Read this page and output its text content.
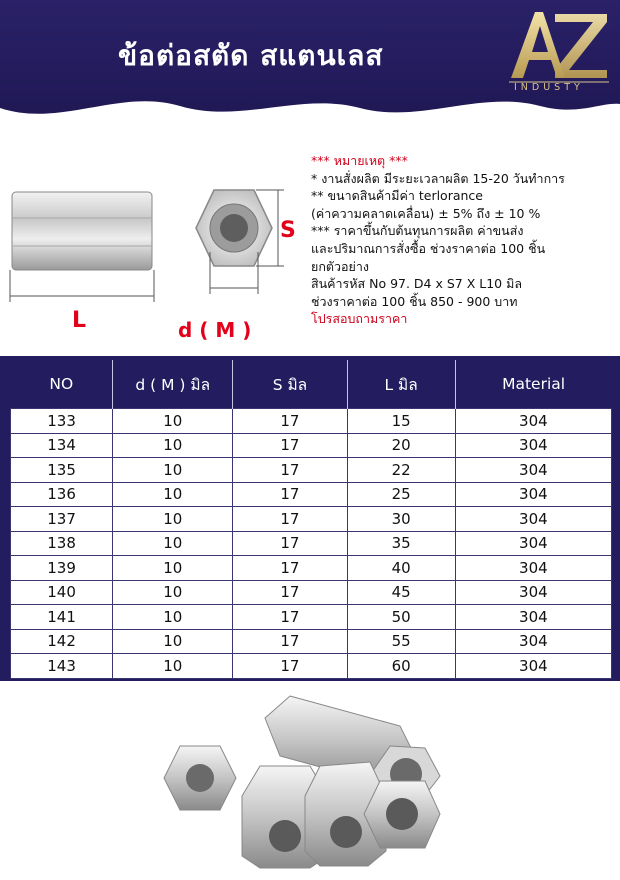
ข้อต่อสตัด สแตนเลส
INDUSTY
L
S
d ( M )
*** หมายเหตุ ***
* งานสั่งผลิต มีระยะเวลาผลิต 15-20 วันทำการ
** ขนาดสินค้ามีค่า terlorance
(ค่าความคลาดเคลื่อน) ± 5% ถึง ± 10 %
*** ราคาขึ้นกับต้นทุนการผลิต ค่าขนส่ง
และปริมาณการสั่งซื้อ ช่วงราคาต่อ 100 ชิ้น
ยกตัวอย่าง
สินค้ารหัส No 97. D4 x S7 X L10 มิล
ช่วงราคาต่อ 100 ชิ้น 850 - 900 บาท
โปรสอบถามราคา
NO	d ( M ) มิล	S มิล	L มิล	Material
133	10	17	15	304
134	10	17	20	304
135	10	17	22	304
136	10	17	25	304
137	10	17	30	304
138	10	17	35	304
139	10	17	40	304
140	10	17	45	304
141	10	17	50	304
142	10	17	55	304
143	10	17	60	304
